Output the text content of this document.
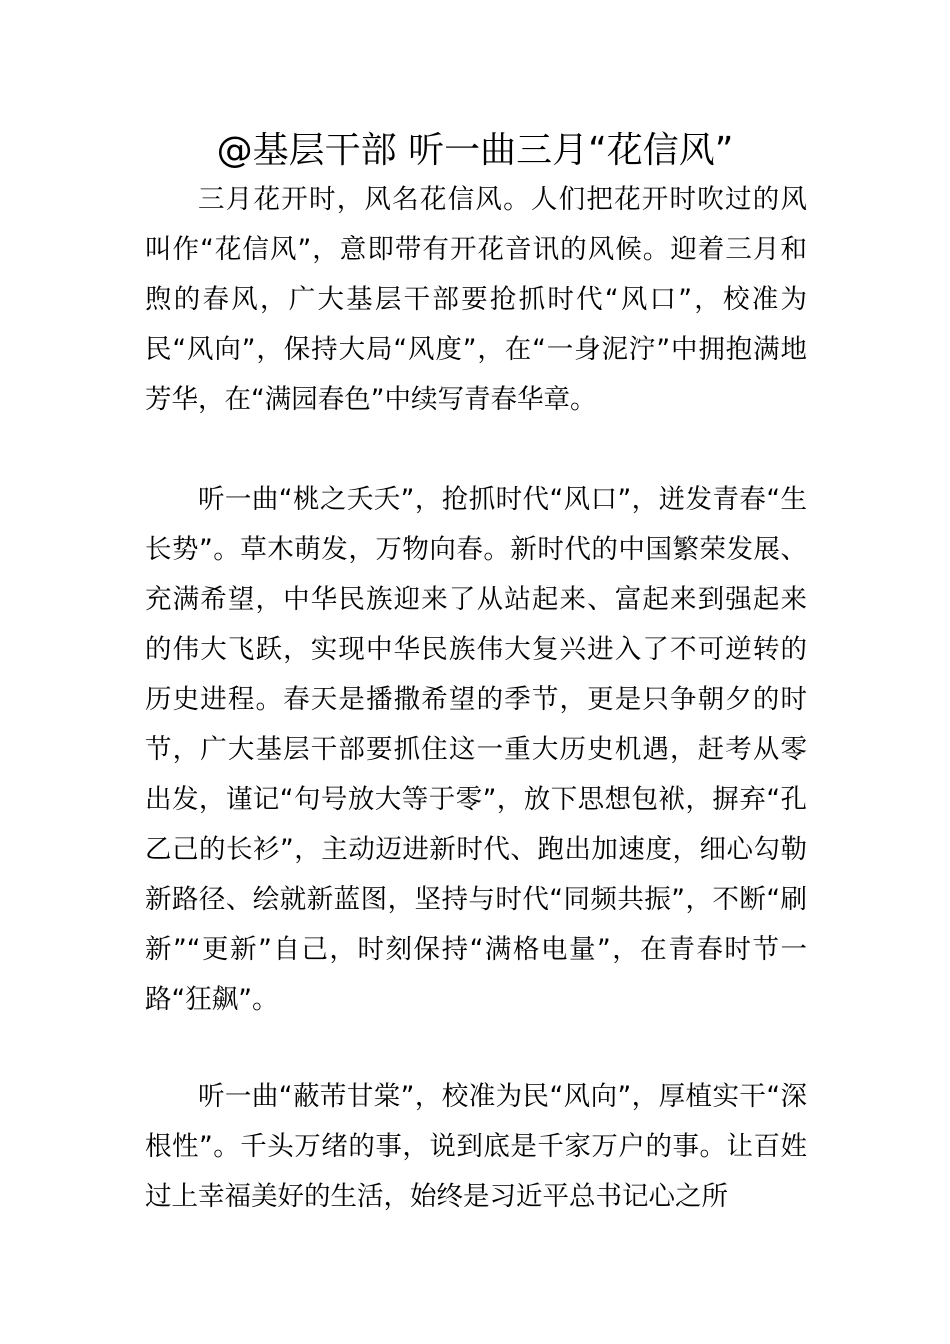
@基层干部 听一曲三月“花信风”

三月花开时，风名花信风。人们把花开时吹过的风叫作“花信风”，意即带有开花音讯的风候。迎着三月和煦的春风，广大基层干部要抢抓时代“风口”，校准为民“风向”，保持大局“风度”，在“一身泥泞”中拥抱满地芳华，在“满园春色”中续写青春华章。

听一曲“桃之夭夭”，抢抓时代“风口”，迸发青春“生长势”。草木萌发，万物向春。新时代的中国繁荣发展、充满希望，中华民族迎来了从站起来、富起来到强起来的伟大飞跃，实现中华民族伟大复兴进入了不可逆转的历史进程。春天是播撒希望的季节，更是只争朝夕的时节，广大基层干部要抓住这一重大历史机遇，赶考从零出发，谨记“句号放大等于零”，放下思想包袱，摒弃“孔乙己的长衫”，主动迈进新时代、跑出加速度，细心勾勒新路径、绘就新蓝图，坚持与时代“同频共振”，不断“刷新”“更新”自己，时刻保持“满格电量”，在青春时节一路“狂飙”。

听一曲“蔽芾甘棠”，校准为民“风向”，厚植实干“深根性”。千头万绪的事，说到底是千家万户的事。让百姓过上幸福美好的生活，始终是习近平总书记心之所
